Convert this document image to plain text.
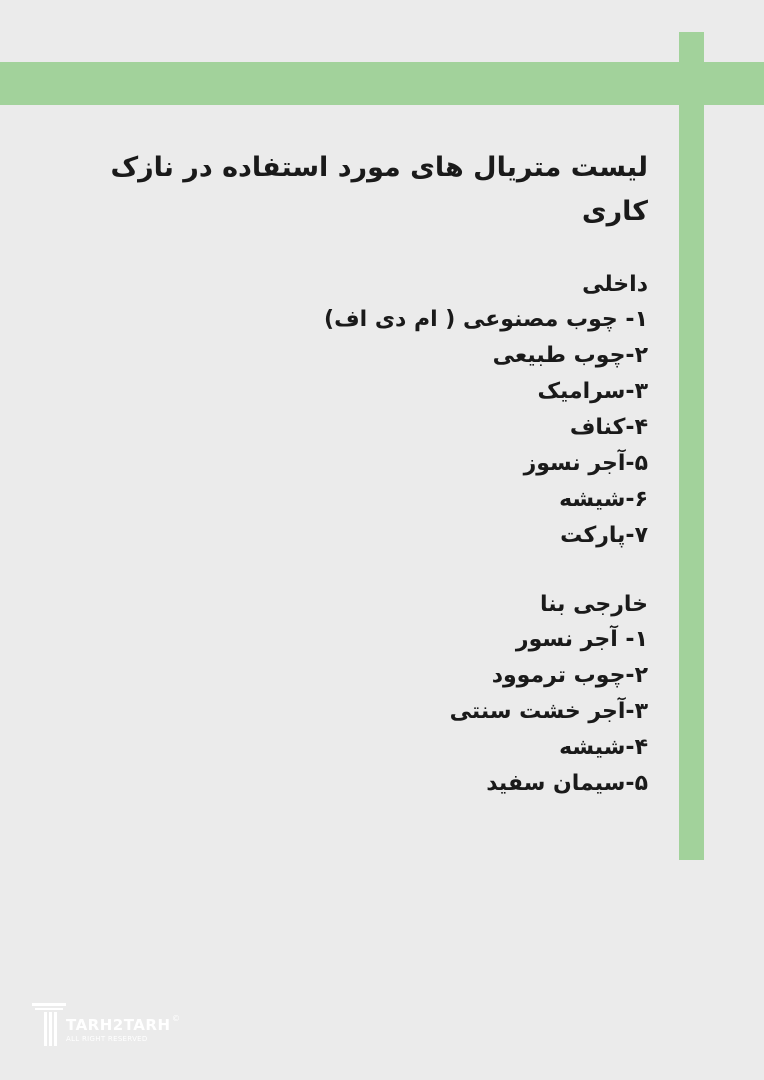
لیست متریال های مورد استفاده در نازک کاری
داخلی
۱- چوب مصنوعی ( ام دی اف)
۲-چوب طبیعی
۳-سرامیک
۴-کناف
۵-آجر نسوز
۶-شیشه
۷-پارکت
خارجی بنا
۱- آجر نسور
۲-چوب ترموود
۳-آجر خشت سنتی
۴-شیشه
۵-سیمان سفید
TARH2TARH ©
ALL RIGHT RESERVED
